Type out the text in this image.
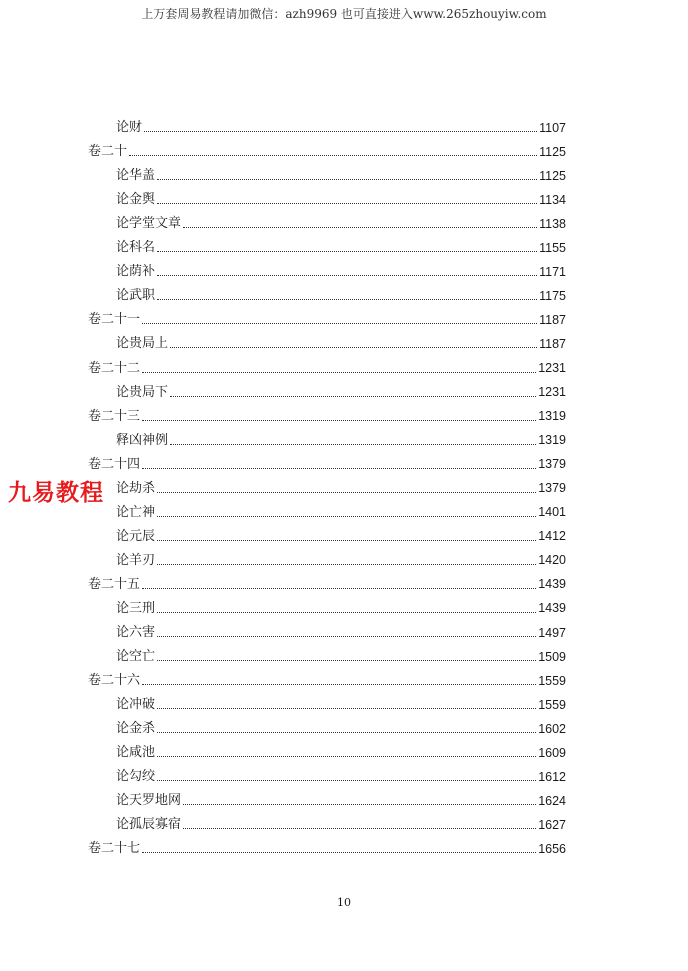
上万套周易教程请加微信：azh9969 也可直接进入www.265zhouyiw.com
论财	1107
卷二十	1125
论华盖	1125
论金舆	1134
论学堂文章	1138
论科名	1155
论荫补	1171
论武职	1175
卷二十一	1187
论贵局上	1187
卷二十二	1231
论贵局下	1231
卷二十三	1319
释凶神例	1319
卷二十四	1379
论劫杀	1379
论亡神	1401
论元辰	1412
论羊刃	1420
卷二十五	1439
论三刑	1439
论六害	1497
论空亡	1509
卷二十六	1559
论冲破	1559
论金杀	1602
论咸池	1609
论勾绞	1612
论天罗地网	1624
论孤辰寡宿	1627
卷二十七	1656
九易教程
10
